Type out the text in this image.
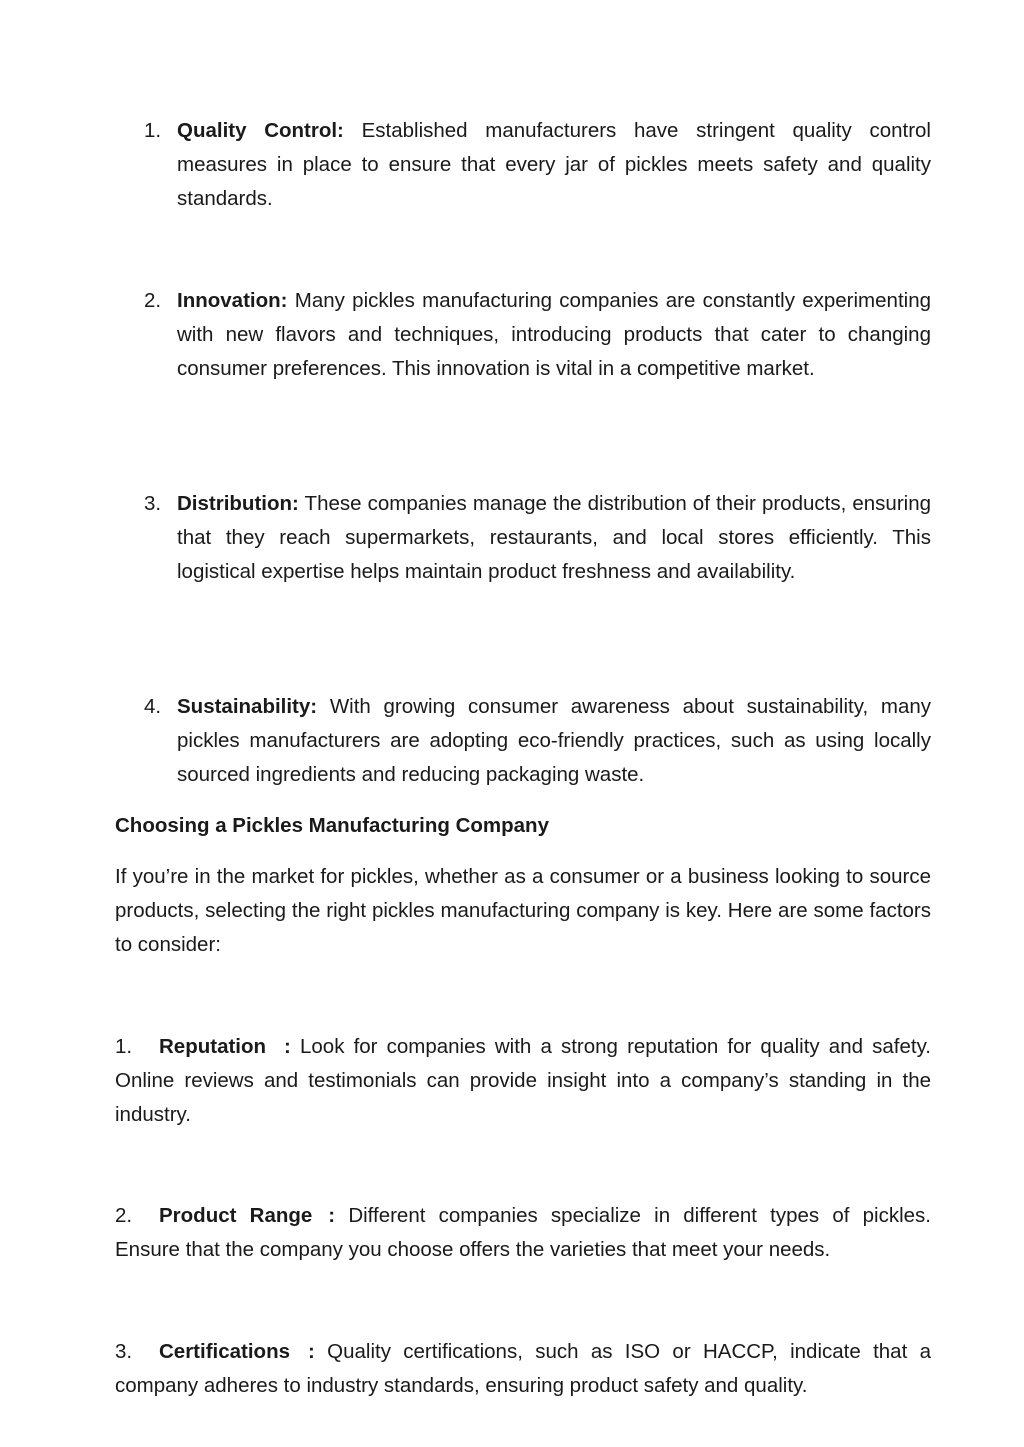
1. Quality Control: Established manufacturers have stringent quality control measures in place to ensure that every jar of pickles meets safety and quality standards.
2. Innovation: Many pickles manufacturing companies are constantly experimenting with new flavors and techniques, introducing products that cater to changing consumer preferences. This innovation is vital in a competitive market.
3. Distribution: These companies manage the distribution of their products, ensuring that they reach supermarkets, restaurants, and local stores efficiently. This logistical expertise helps maintain product freshness and availability.
4. Sustainability: With growing consumer awareness about sustainability, many pickles manufacturers are adopting eco-friendly practices, such as using locally sourced ingredients and reducing packaging waste.
Choosing a Pickles Manufacturing Company
If you’re in the market for pickles, whether as a consumer or a business looking to source products, selecting the right pickles manufacturing company is key. Here are some factors to consider:
1. Reputation : Look for companies with a strong reputation for quality and safety. Online reviews and testimonials can provide insight into a company’s standing in the industry.
2. Product Range : Different companies specialize in different types of pickles. Ensure that the company you choose offers the varieties that meet your needs.
3. Certifications : Quality certifications, such as ISO or HACCP, indicate that a company adheres to industry standards, ensuring product safety and quality.
